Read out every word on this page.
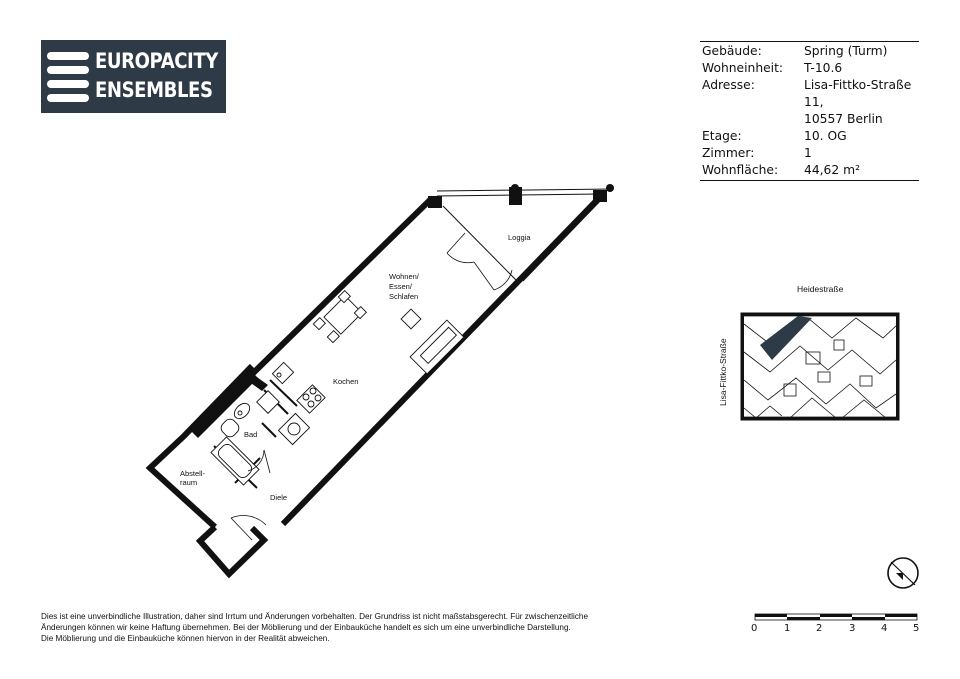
EUROPACITY
ENSEMBLES
Gebäude:	Spring (Turm)
Wohneinheit:	T-10.6
Adresse:	Lisa-Fittko-Straße 11,
10557 Berlin
Etage:	10. OG
Zimmer:	1
Wohnfläche:	44,62 m²
Loggia
Wohnen/
Essen/
Schlafen
Kochen
Bad
Abstell-
raum
Diele
Heidestraße
Lisa-Fittko-Straße
0	1	2	3	4	5
Dies ist eine unverbindliche Illustration, daher sind Irrtum und Änderungen vorbehalten. Der Grundriss ist nicht maßstabsgerecht. Für zwischenzeitliche
Änderungen können wir keine Haftung übernehmen. Bei der Möblierung und der Einbauküche handelt es sich um eine unverbindliche Darstellung.
Die Möblierung und die Einbauküche können hiervon in der Realität abweichen.
